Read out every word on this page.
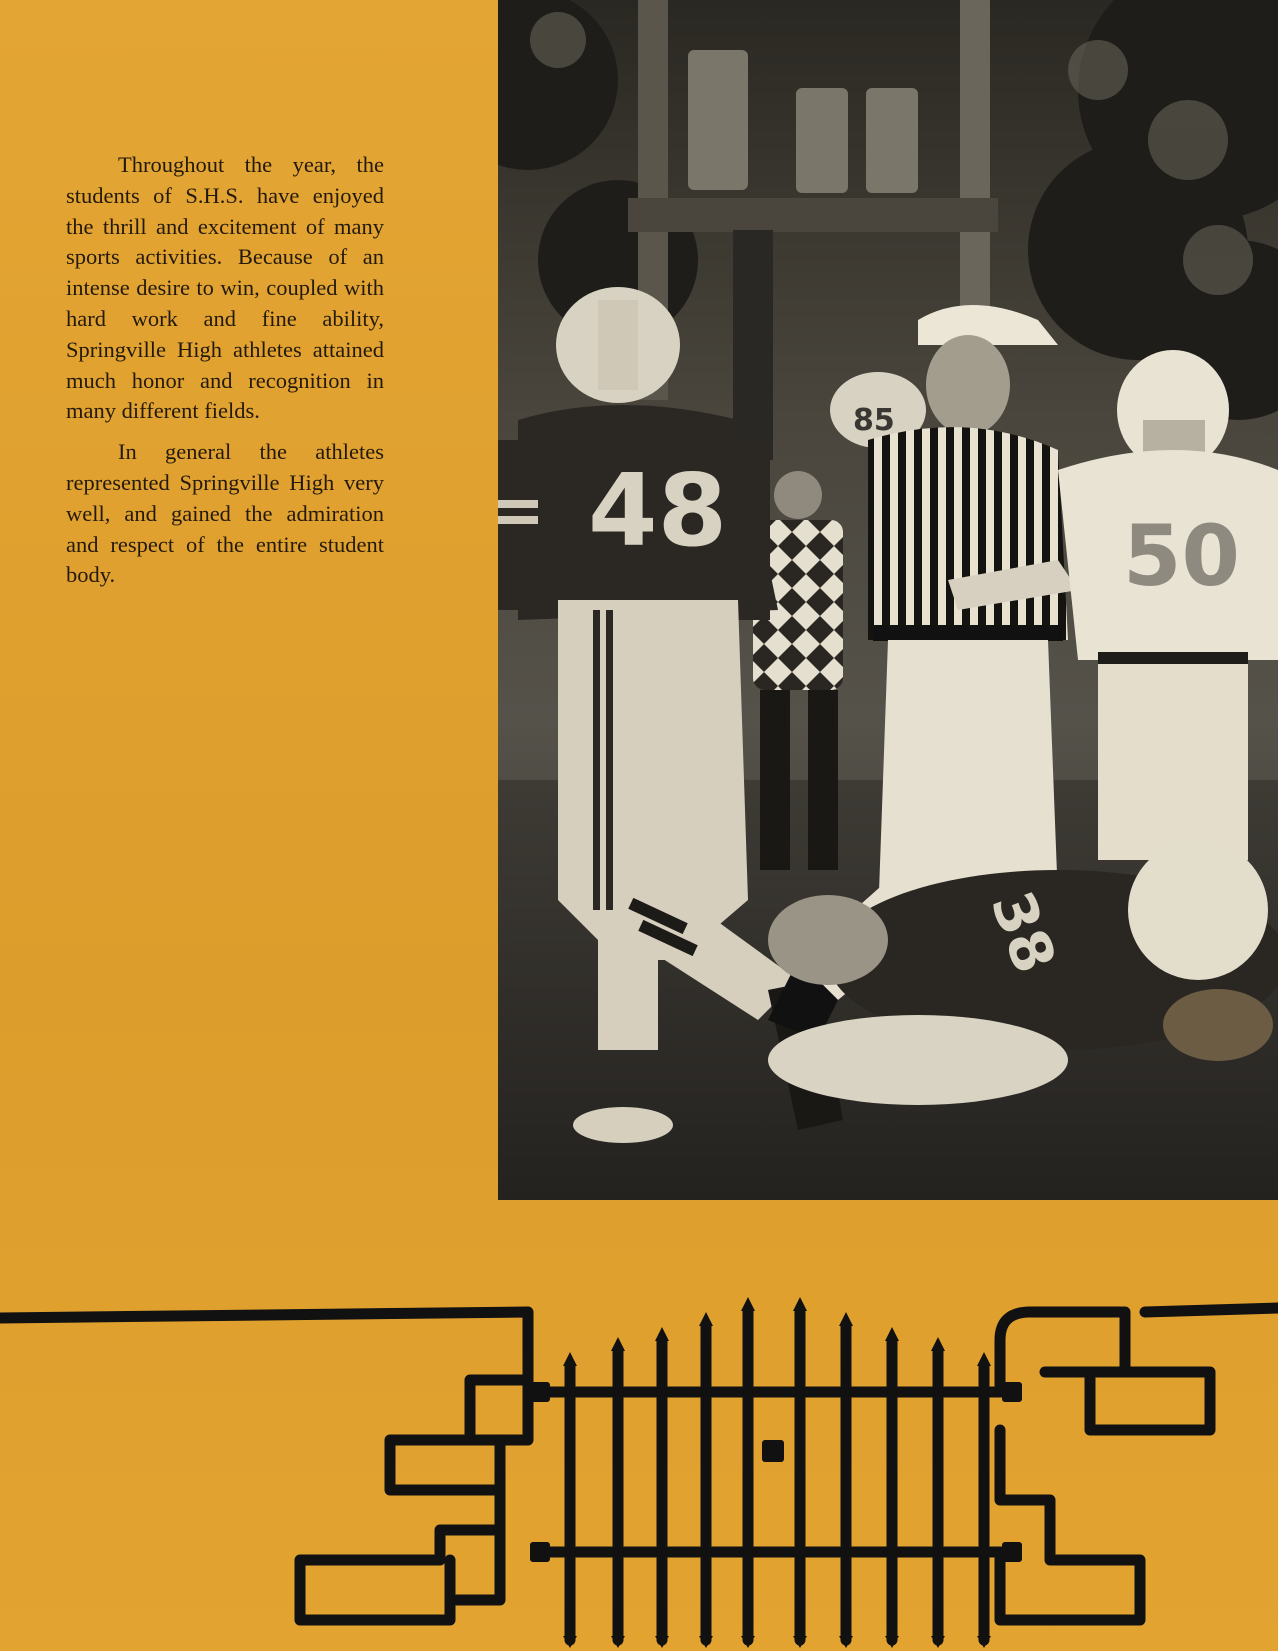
Throughout the year, the students of S.H.S. have enjoyed the thrill and excitement of many sports activities. Because of an intense desire to win, coupled with hard work and fine ability, Springville High athletes attained much honor and recognition in many different fields.

In general the athletes represented Springville High very well, and gained the admiration and respect of the entire student body.

48
85
50
38
